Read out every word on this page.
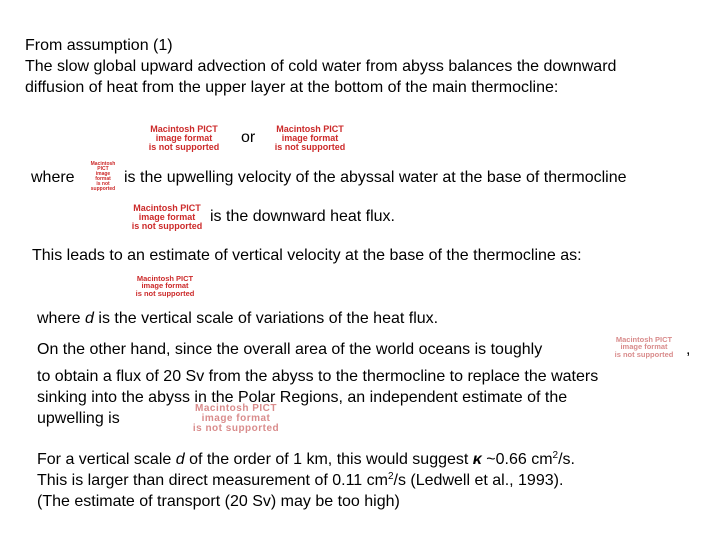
From assumption (1)
The slow global upward advection of cold water from abyss balances the downward
diffusion of heat from the upper layer at the bottom of the main thermocline:
Macintosh PICT
image format
is not supported
or
Macintosh PICT
image format
is not supported
where
Macintosh PICT
image format
is not supported
is the upwelling velocity of the abyssal water at the base of thermocline
Macintosh PICT
image format
is not supported
is the downward heat flux.
This leads to an estimate of vertical velocity at the base of the thermocline as:
Macintosh PICT
image format
is not supported
where d is the vertical scale of variations of the heat flux.
On the other hand, since the overall area of the world oceans is toughly
Macintosh PICT
image format
is not supported ,
to obtain a flux of 20 Sv from the abyss to the thermocline to replace the waters
sinking into the abyss in the Polar Regions, an independent estimate of the
upwelling is
Macintosh PICT
image format
is not supported
For a vertical scale d of the order of 1 km, this would suggest κ ~0.66 $cm^2/s$.
This is larger than direct measurement of 0.11 $cm^2/s$ (Ledwell et al., 1993).
(The estimate of transport (20 Sv) may be too high)
